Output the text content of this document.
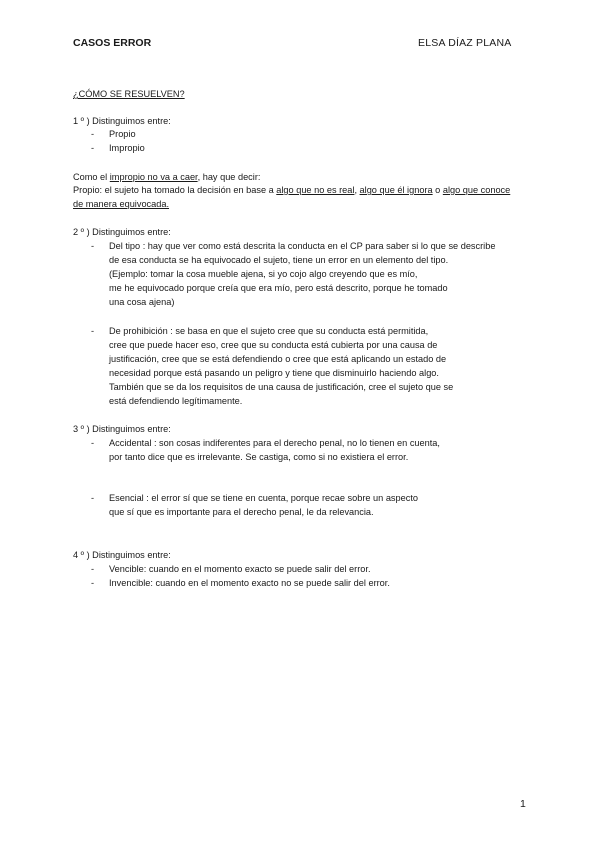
CASOS ERROR	ELSA DÍAZ PLANA
¿CÓMO SE RESUELVEN?
1 º ) Distinguimos entre:
- Propio
- Impropio
Como el impropio no va a caer, hay que decir:
Propio: el sujeto ha tomado la decisión en base a algo que no es real, algo que él ignora o algo que conoce
de manera equivocada.
2 º ) Distinguimos entre:
- Del tipo : hay que ver como está descrita la conducta en el CP para saber si lo que se describe
de esa conducta se ha equivocado el sujeto, tiene un error en un elemento del tipo.
(Ejemplo: tomar la cosa mueble ajena, si yo cojo algo creyendo que es mío,
me he equivocado porque creía que era mío, pero está descrito, porque he tomado
una cosa ajena)
- De prohibición : se basa en que el sujeto cree que su conducta está permitida,
cree que puede hacer eso, cree que su conducta está cubierta por una causa de
justificación, cree que se está defendiendo o cree que está aplicando un estado de
necesidad porque está pasando un peligro y tiene que disminuirlo haciendo algo.
También que se da los requisitos de una causa de justificación, cree el sujeto que se
está defendiendo legítimamente.
3 º ) Distinguimos entre:
- Accidental : son cosas indiferentes para el derecho penal, no lo tienen en cuenta,
por tanto dice que es irrelevante. Se castiga, como si no existiera el error.
- Esencial : el error sí que se tiene en cuenta, porque recae sobre un aspecto
que sí que es importante para el derecho penal, le da relevancia.
4 º ) Distinguimos entre:
- Vencible: cuando en el momento exacto se puede salir del error.
- Invencible: cuando en el momento exacto no se puede salir del error.
1
